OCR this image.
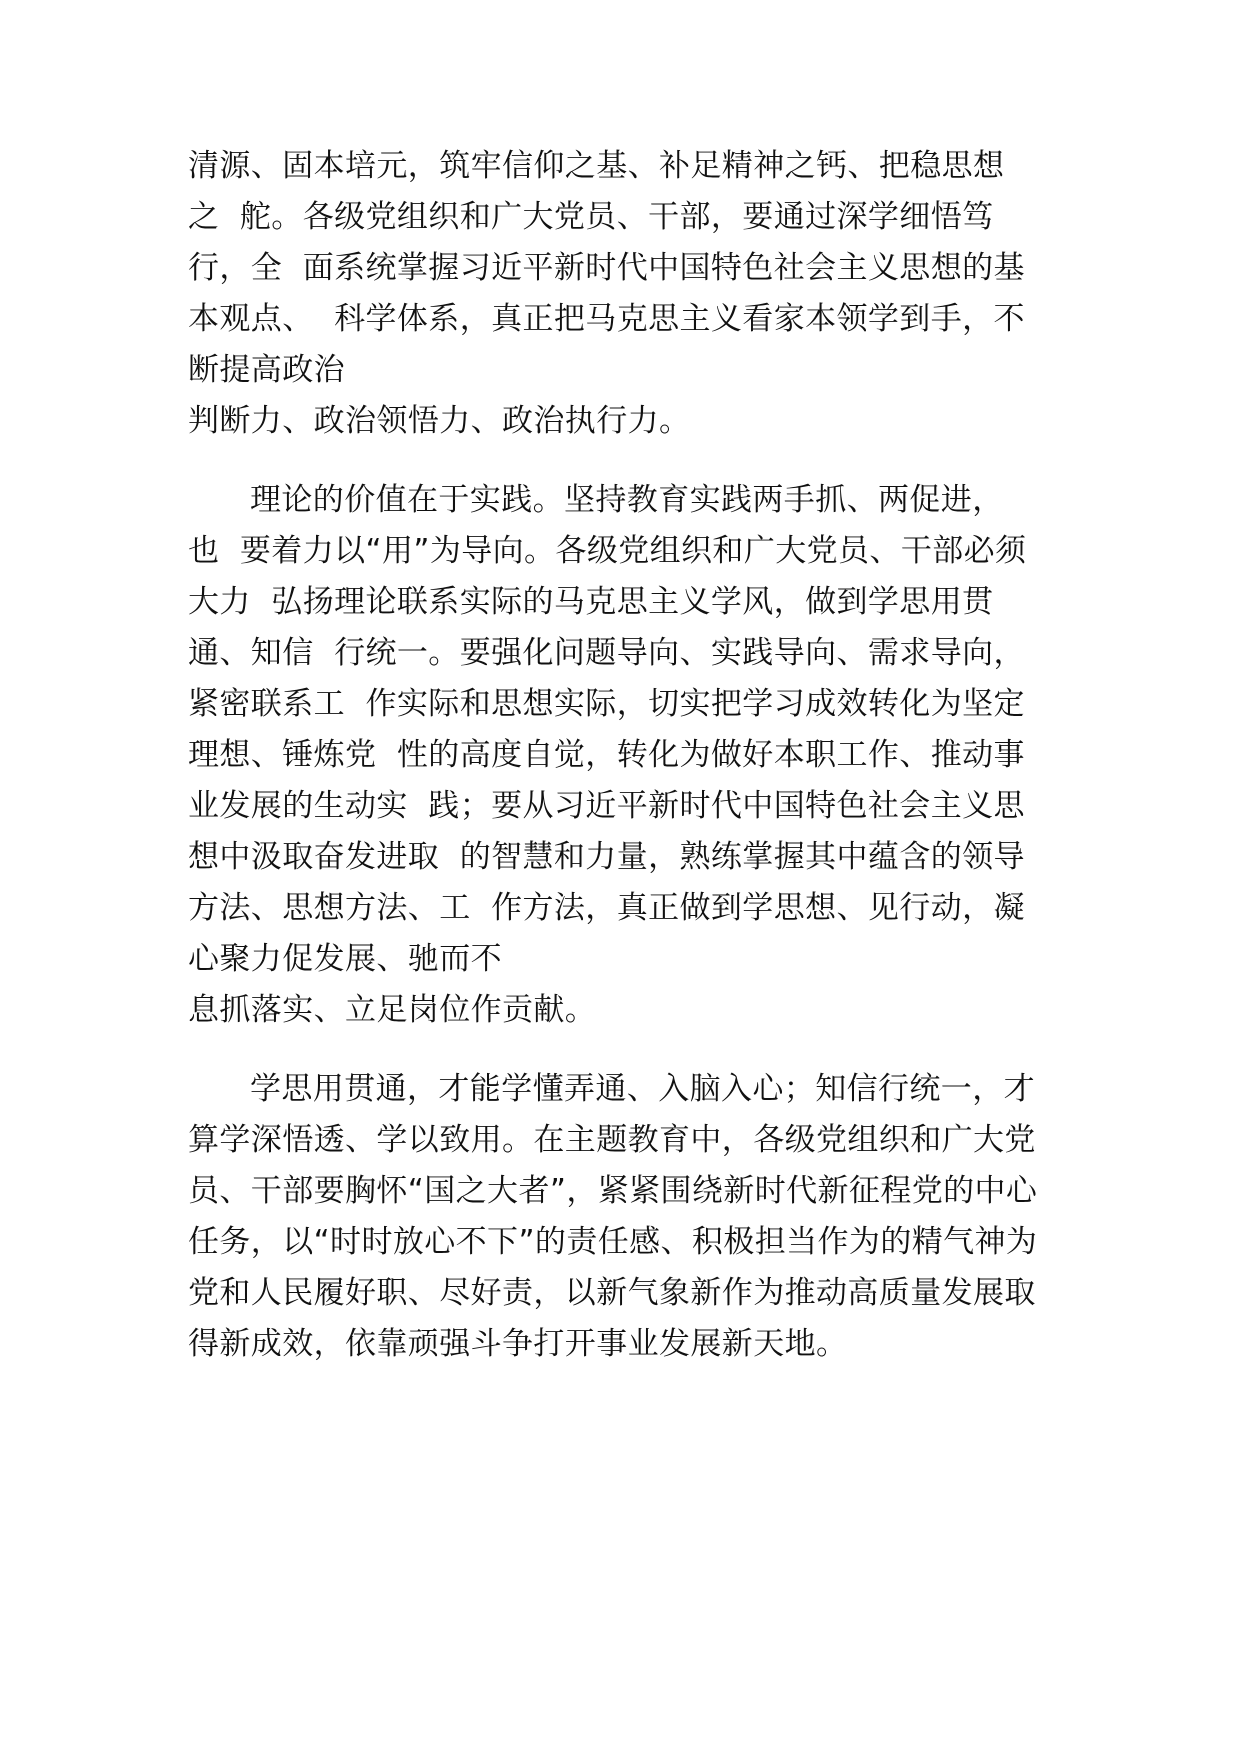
清源、固本培元，筑牢信仰之基、补足精神之钙、把稳思想
之  舵。各级党组织和广大党员、干部，要通过深学细悟笃
行，全  面系统掌握习近平新时代中国特色社会主义思想的基
本观点、  科学体系，真正把马克思主义看家本领学到手，不
断提高政治
判断力、政治领悟力、政治执行力。
理论的价值在于实践。坚持教育实践两手抓、两促进，
也  要着力以“用”为导向。各级党组织和广大党员、干部必须
大力  弘扬理论联系实际的马克思主义学风，做到学思用贯
通、知信  行统一。要强化问题导向、实践导向、需求导向，
紧密联系工  作实际和思想实际，切实把学习成效转化为坚定
理想、锤炼党  性的高度自觉，转化为做好本职工作、推动事
业发展的生动实  践；要从习近平新时代中国特色社会主义思
想中汲取奋发进取  的智慧和力量，熟练掌握其中蕴含的领导
方法、思想方法、工  作方法，真正做到学思想、见行动，凝
心聚力促发展、驰而不
息抓落实、立足岗位作贡献。
学思用贯通，才能学懂弄通、入脑入心；知信行统一，才
算学深悟透、学以致用。在主题教育中，各级党组织和广大党
员、干部要胸怀“国之大者”，紧紧围绕新时代新征程党的中心
任务，以“时时放心不下”的责任感、积极担当作为的精气神为
党和人民履好职、尽好责，以新气象新作为推动高质量发展取
得新成效，依靠顽强斗争打开事业发展新天地。
